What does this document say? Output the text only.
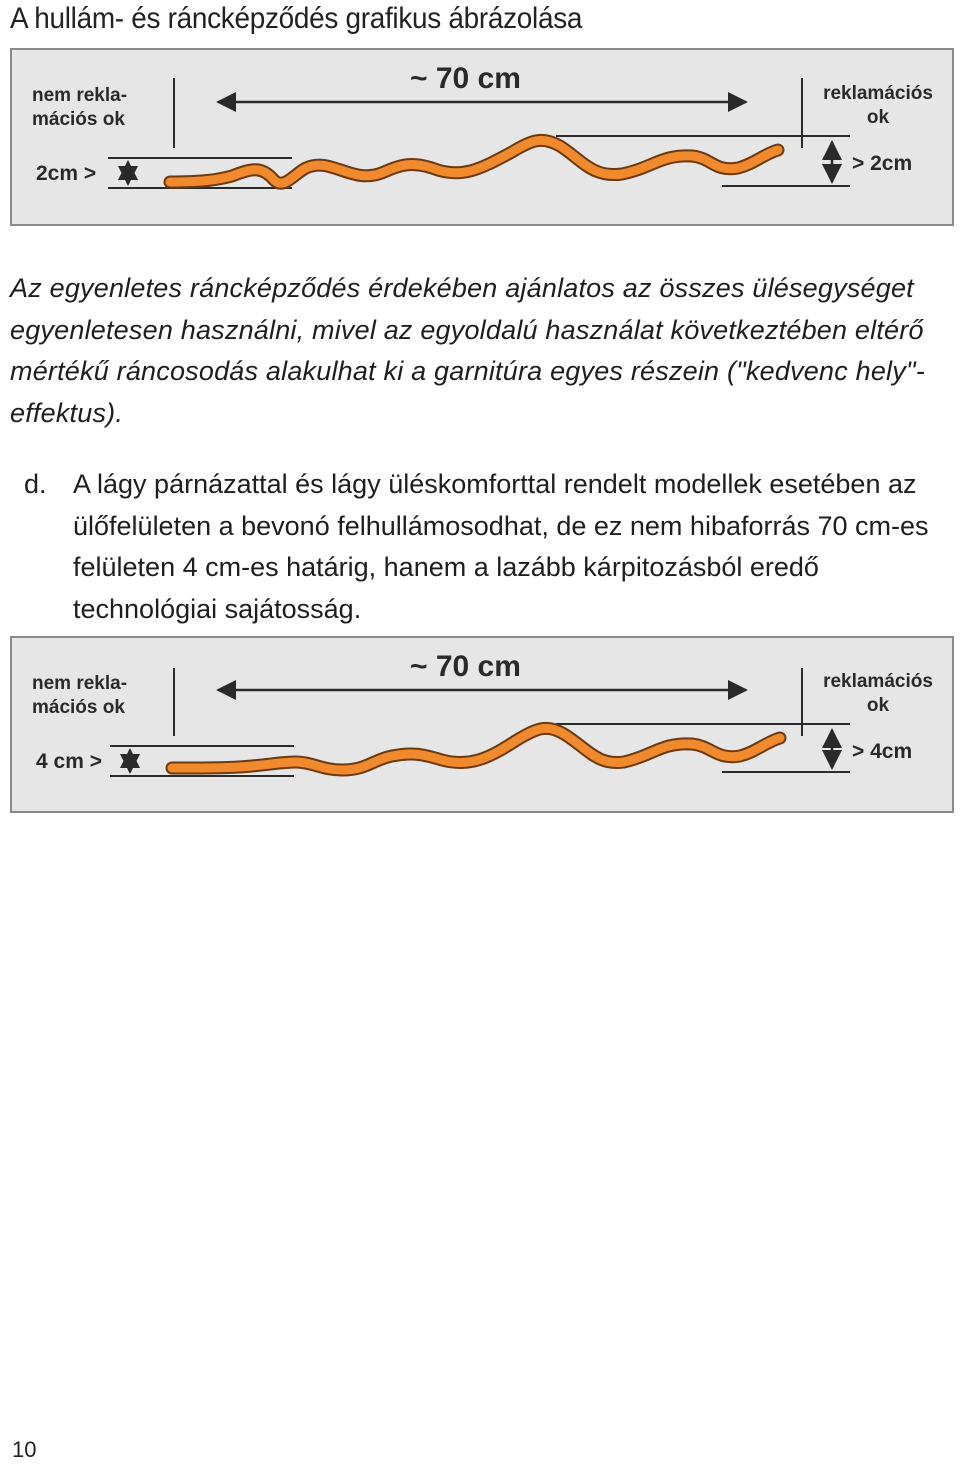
A hullám- és ráncképződés grafikus ábrázolása
nem rekla-
mációs ok
~ 70 cm	reklamációs
ok
2cm >	> 2cm

Az egyenletes ráncképződés érdekében ajánlatos az összes ülésegységet egyenletesen használni, mivel az egyoldalú használat következtében eltérő mértékű ráncosodás alakulhat ki a garnitúra egyes részein ("kedvenc hely"-effektus).

d. A lágy párnázattal és lágy üléskomforttal rendelt modellek esetében az ülőfelületen a bevonó felhullámosodhat, de ez nem hibaforrás 70 cm-es felületen 4 cm-es határig, hanem a lazább kárpitozásból eredő technológiai sajátosság.
nem rekla-
mációs ok
~ 70 cm	reklamációs
ok
4 cm >	> 4cm
10
